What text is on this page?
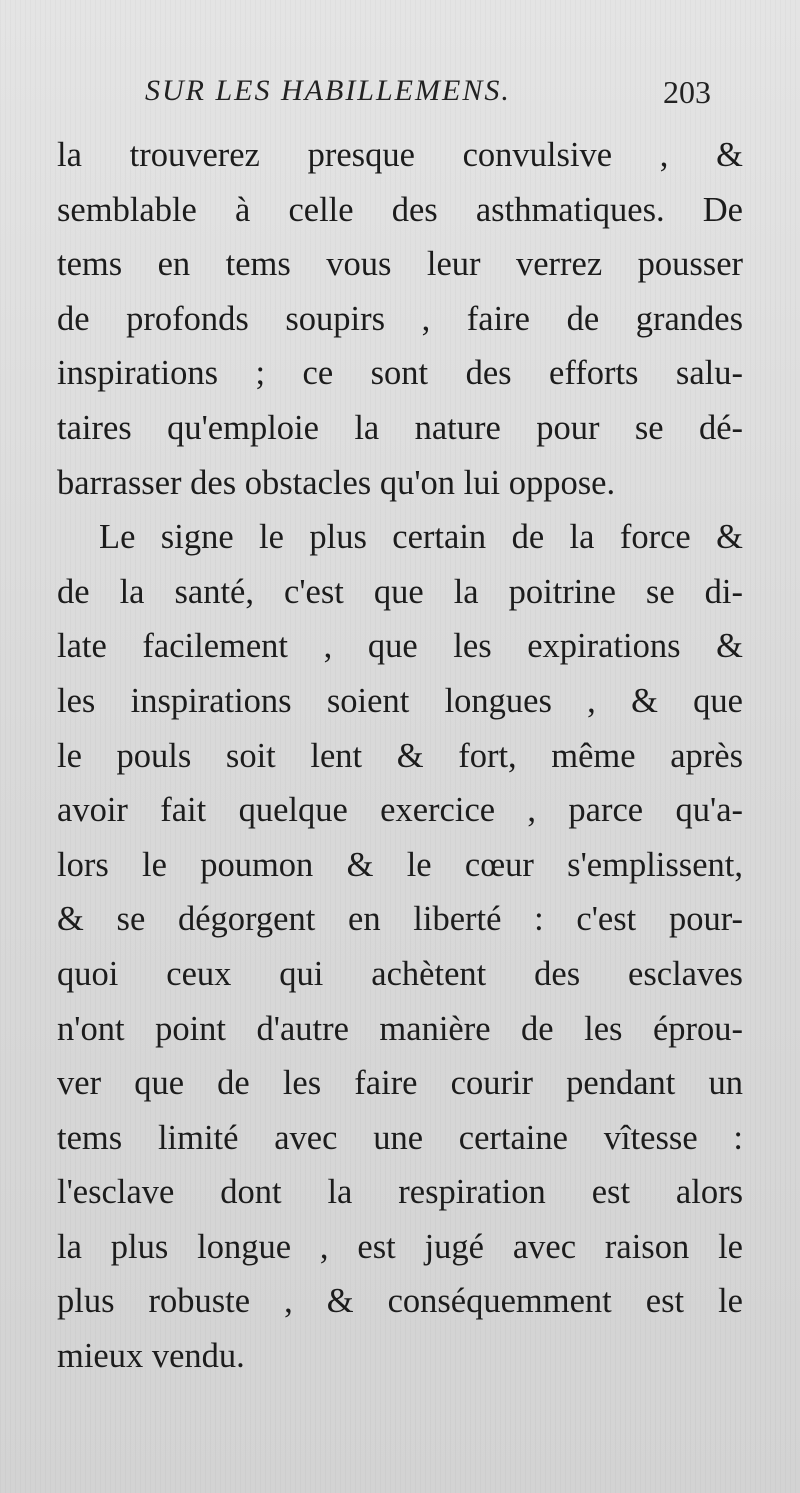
SUR LES HABILLEMENS.	203
la trouverez presque convulsive , &
semblable à celle des asthmatiques. De
tems en tems vous leur verrez pousser
de profonds soupirs , faire de grandes
inspirations ; ce sont des efforts salu-
taires qu'emploie la nature pour se dé-
barrasser des obstacles qu'on lui oppose.
Le signe le plus certain de la force &
de la santé, c'est que la poitrine se di-
late facilement , que les expirations &
les inspirations soient longues , & que
le pouls soit lent & fort, même après
avoir fait quelque exercice , parce qu'a-
lors le poumon & le cœur s'emplissent,
& se dégorgent en liberté : c'est pour-
quoi ceux qui achètent des esclaves
n'ont point d'autre manière de les éprou-
ver que de les faire courir pendant un
tems limité avec une certaine vîtesse :
l'esclave dont la respiration est alors
la plus longue , est jugé avec raison le
plus robuste , & conséquemment est le
mieux vendu.
